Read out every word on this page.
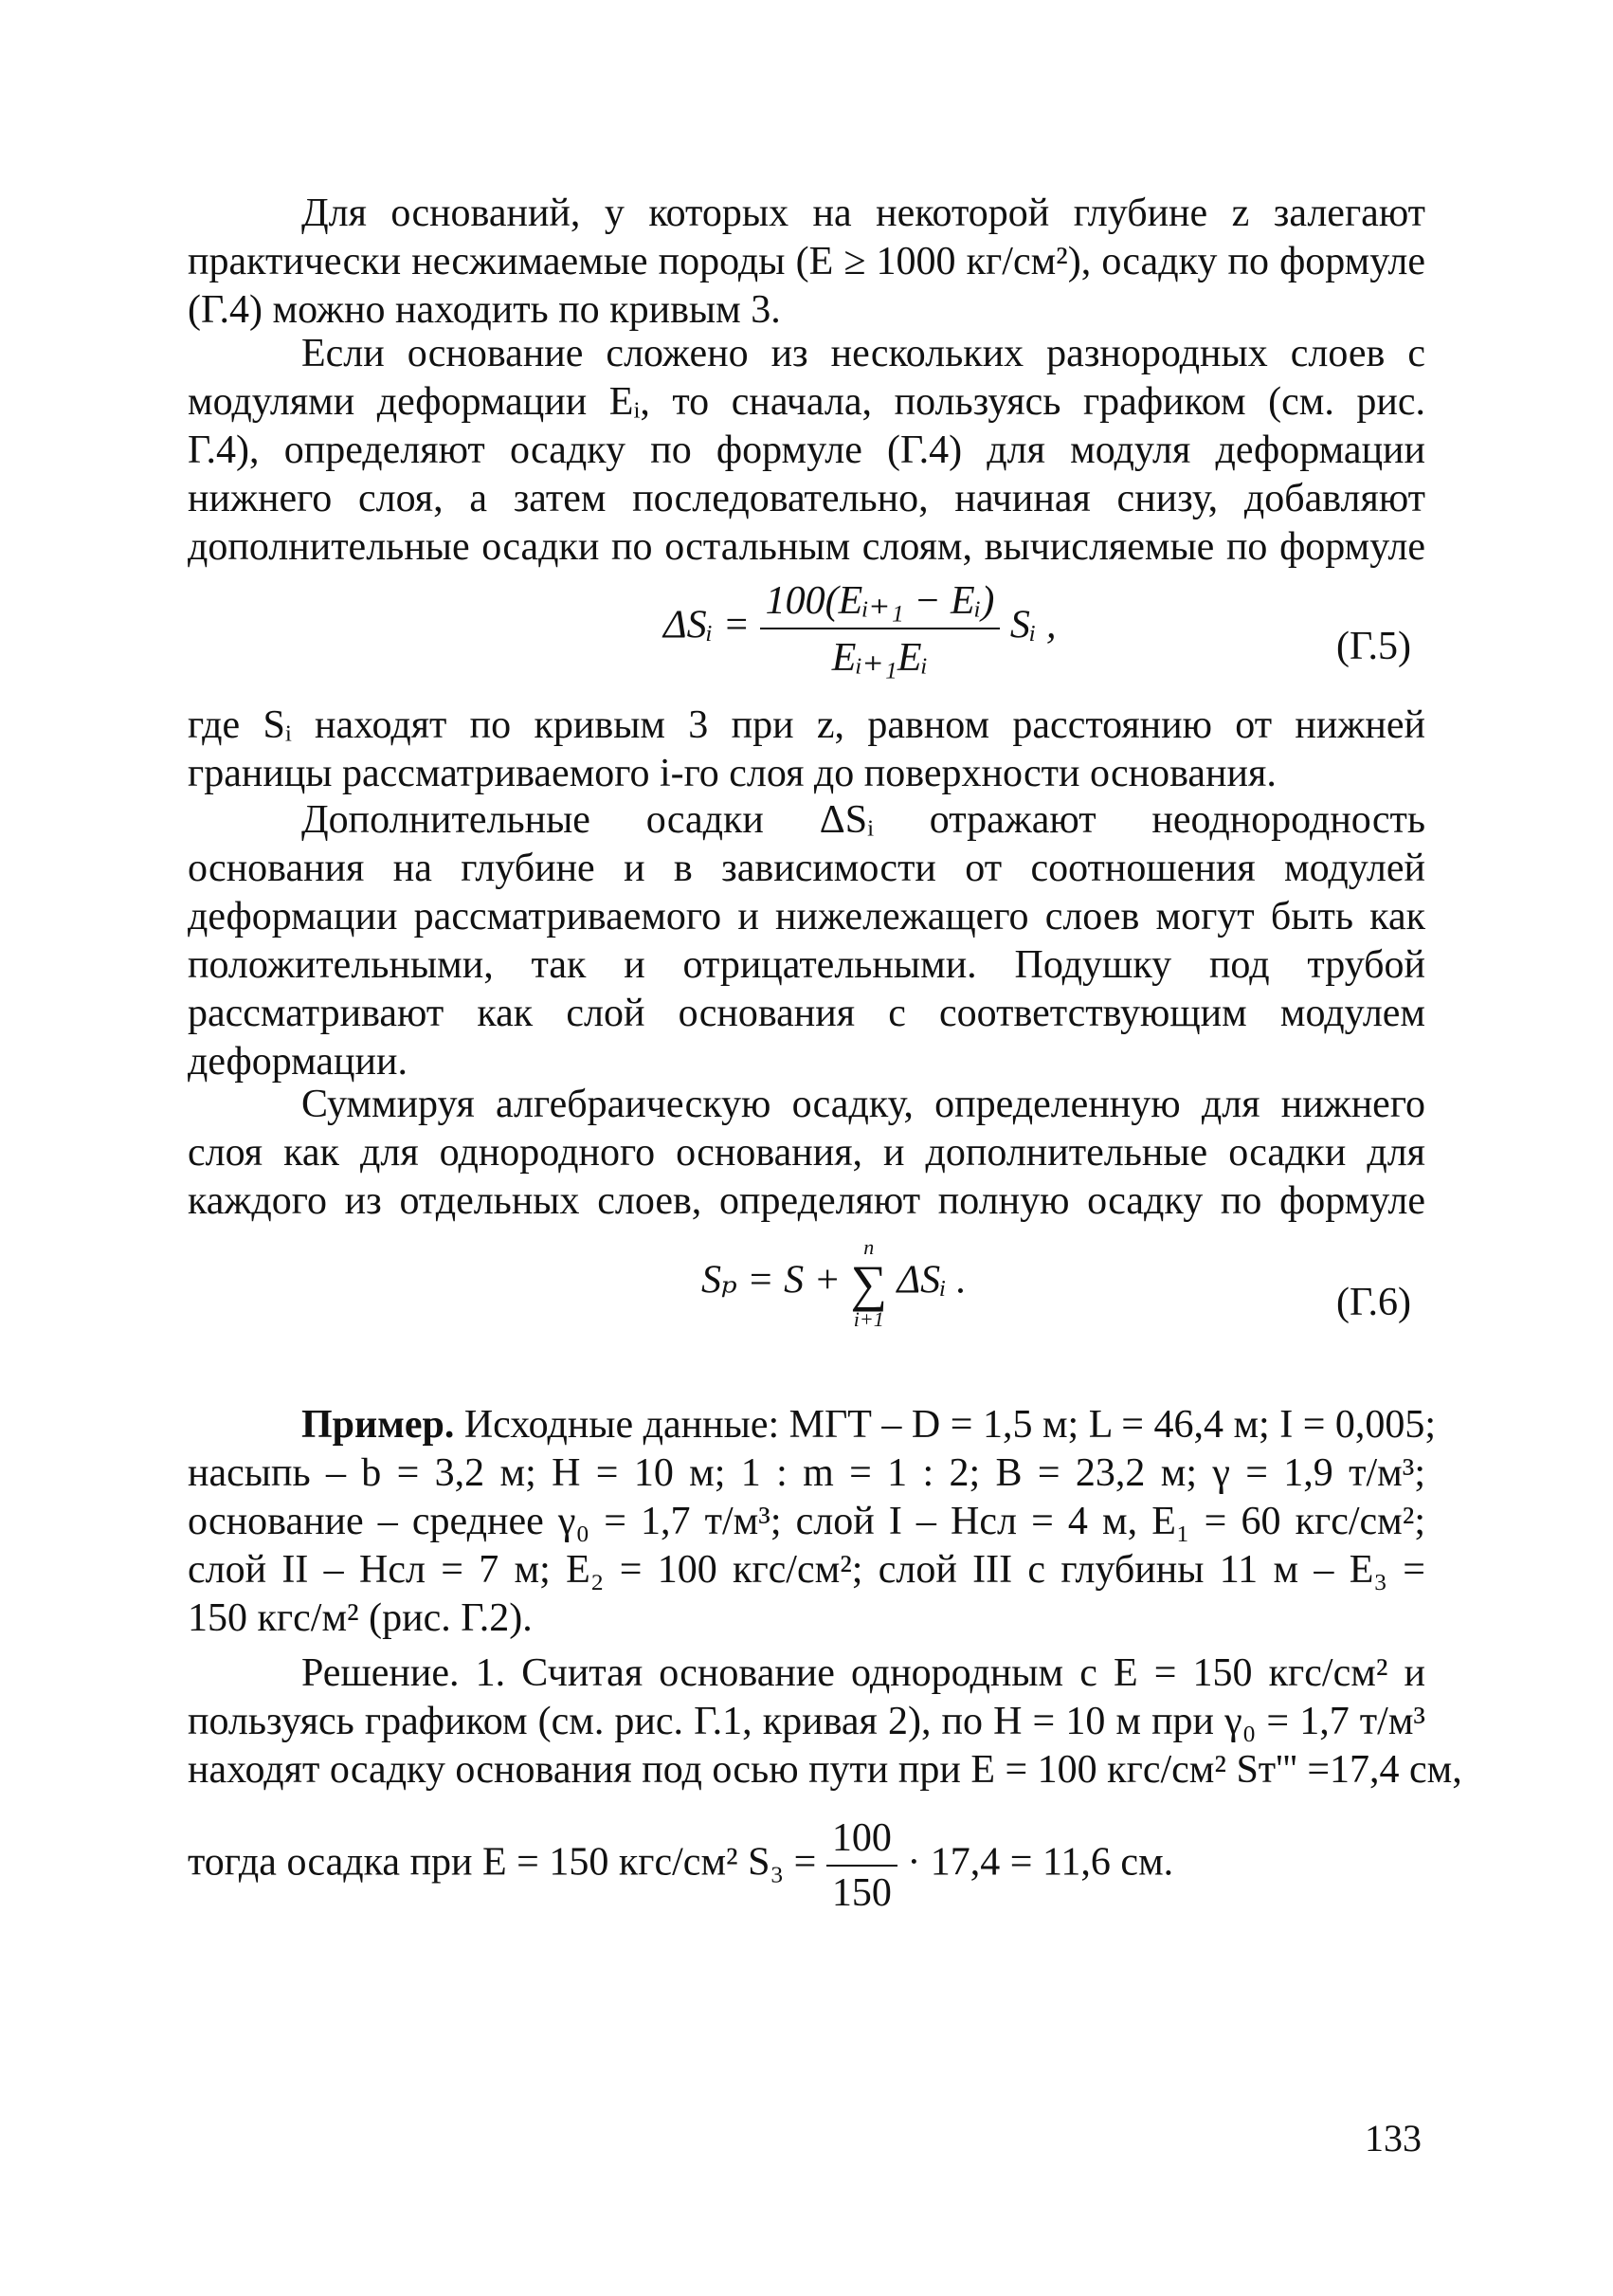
Для оснований, у которых на некоторой глубине z залегают
практически несжимаемые породы (E ≥ 1000 кг/см²), осадку по формуле
(Г.4) можно находить по кривым 3.
Если основание сложено из нескольких разнородных слоев с
модулями деформации Eᵢ, то сначала, пользуясь графиком (см. рис.
Г.4), определяют осадку по формуле (Г.4) для модуля деформации
нижнего слоя, а затем последовательно, начиная снизу, добавляют
дополнительные осадки по остальным слоям, вычисляемые по формуле
ΔSᵢ = $\frac{\text{100(Eᵢ₊₁ − Eᵢ)}}{\text{Eᵢ₊₁Eᵢ}}$ Sᵢ ,	(Г.5)
где Sᵢ находят по кривым 3 при z, равном расстоянию от нижней
границы рассматриваемого i-го слоя до поверхности основания.
Дополнительные осадки ΔSᵢ отражают неоднородность
основания на глубине и в зависимости от соотношения модулей
деформации рассматриваемого и нижележащего слоев могут быть как
положительными, так и отрицательными. Подушку под трубой
рассматривают как слой основания с соответствующим модулем
деформации.
Суммируя алгебраическую осадку, определенную для нижнего
слоя как для однородного основания, и дополнительные осадки для
каждого из отдельных слоев, определяют полную осадку по формуле
Sₚ = S +
n
∑
i+1
ΔSᵢ .
(Г.6)
Пример. Исходные данные: МГТ – D = 1,5 м; L = 46,4 м; I = 0,005;
насыпь – b = 3,2 м; H = 10 м; 1 : m = 1 : 2; B = 23,2 м; γ = 1,9 т/м³;
основание – среднее γ₀ = 1,7 т/м³; слой I – Hсл = 4 м, E₁ = 60 кгс/см²;
слой II – Hсл = 7 м; E₂ = 100 кгс/см²; слой III с глубины 11 м – E₃ =
150 кгс/м² (рис. Г.2).
Решение. 1. Считая основание однородным с E = 150 кгс/см² и
пользуясь графиком (см. рис. Г.1, кривая 2), по H = 10 м при γ₀ = 1,7 т/м³
находят осадку основания под осью пути при E = 100 кгс/см² Sт''' =17,4 см,
тогда осадка при E = 150 кгс/см² $S_3 = \frac{100}{150} \cdot 17,4 = 11,6$ см.
133
